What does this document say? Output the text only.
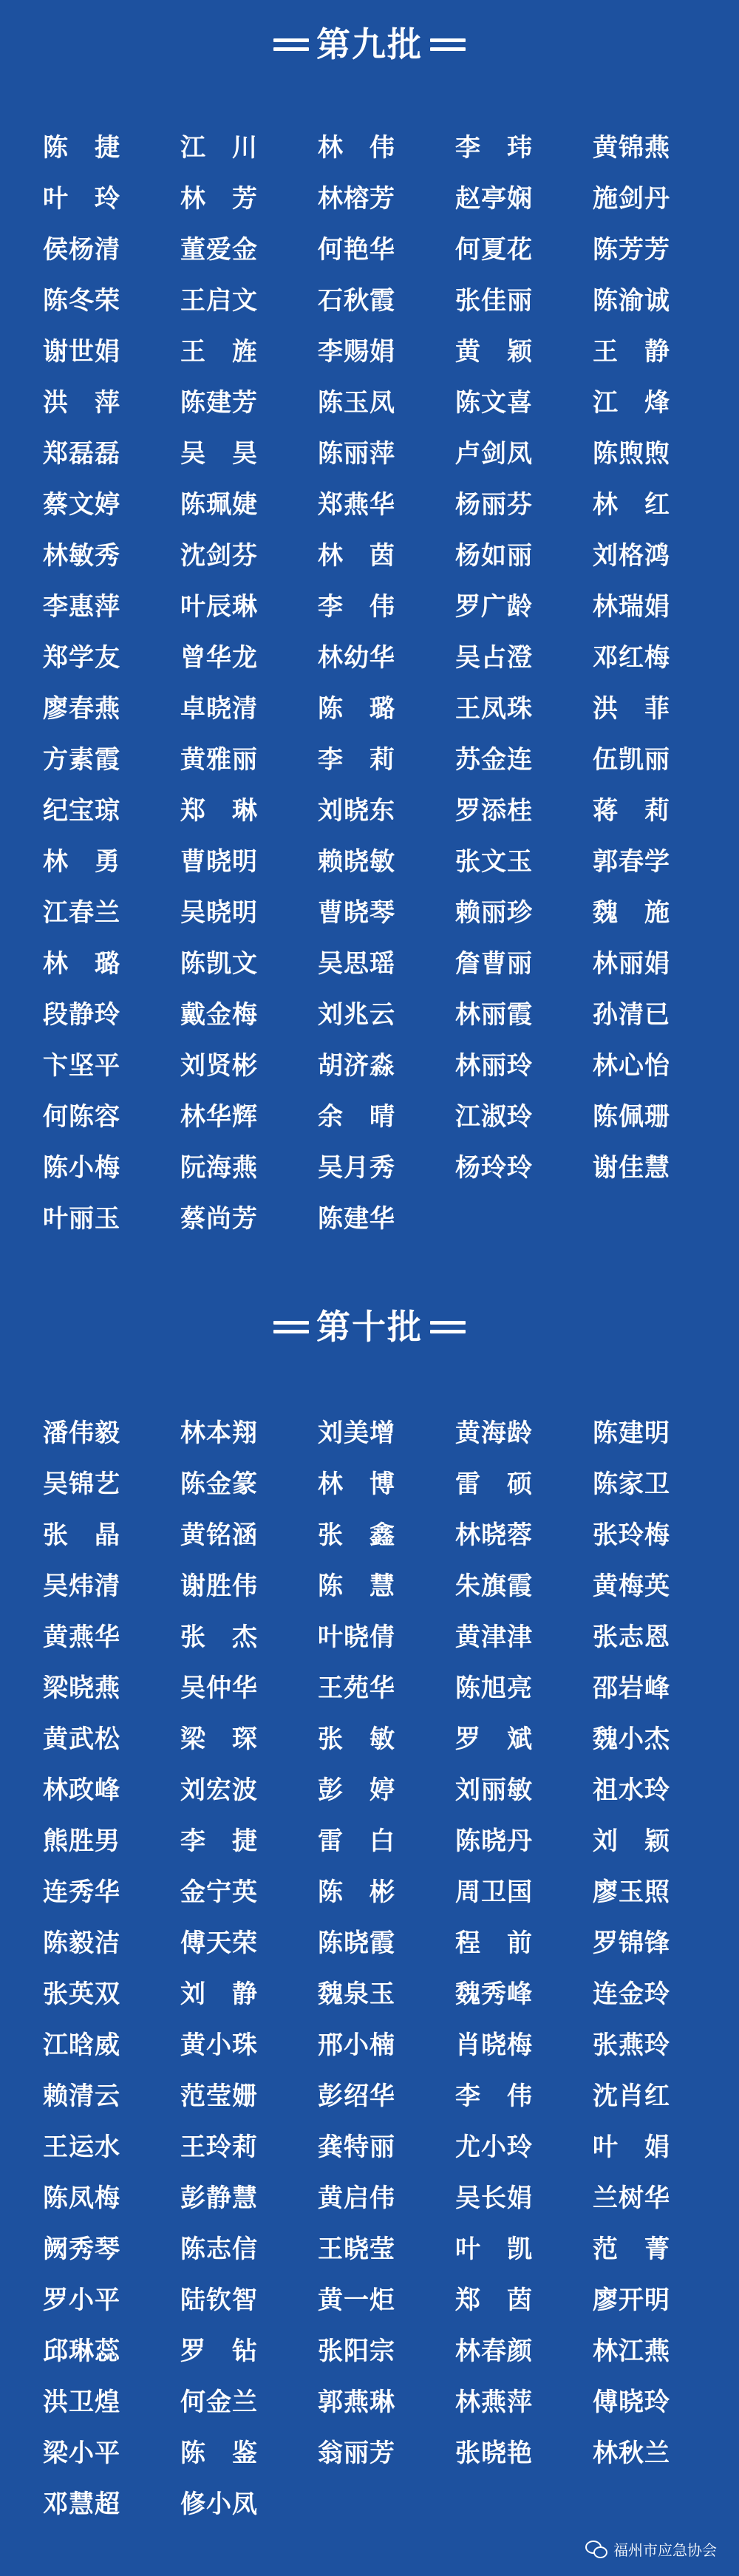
第九批
陈　捷	江　川	林　伟	李　玮	黄锦燕
叶　玲	林　芳	林榕芳	赵亭娴	施剑丹
侯杨清	董爱金	何艳华	何夏花	陈芳芳
陈冬荣	王启文	石秋霞	张佳丽	陈渝诚
谢世娟	王　旌	李赐娟	黄　颖	王　静
洪　萍	陈建芳	陈玉凤	陈文喜	江　烽
郑磊磊	吴　昊	陈丽萍	卢剑凤	陈煦煦
蔡文婷	陈珮婕	郑燕华	杨丽芬	林　红
林敏秀	沈剑芬	林　茵	杨如丽	刘格鸿
李惠萍	叶辰琳	李　伟	罗广龄	林瑞娟
郑学友	曾华龙	林幼华	吴占澄	邓红梅
廖春燕	卓晓清	陈　璐	王凤珠	洪　菲
方素霞	黄雅丽	李　莉	苏金连	伍凯丽
纪宝琼	郑　琳	刘晓东	罗添桂	蒋　莉
林　勇	曹晓明	赖晓敏	张文玉	郭春学
江春兰	吴晓明	曹晓琴	赖丽珍	魏　施
林　璐	陈凯文	吴思瑶	詹曹丽	林丽娟
段静玲	戴金梅	刘兆云	林丽霞	孙清已
卞坚平	刘贤彬	胡济淼	林丽玲	林心怡
何陈容	林华辉	余　晴	江淑玲	陈佩珊
陈小梅	阮海燕	吴月秀	杨玲玲	谢佳慧
叶丽玉	蔡尚芳	陈建华
第十批
潘伟毅	林本翔	刘美增	黄海龄	陈建明
吴锦艺	陈金篆	林　博	雷　硕	陈家卫
张　晶	黄铭涵	张　鑫	林晓蓉	张玲梅
吴炜清	谢胜伟	陈　慧	朱旗霞	黄梅英
黄燕华	张　杰	叶晓倩	黄津津	张志恩
梁晓燕	吴仲华	王苑华	陈旭亮	邵岩峰
黄武松	梁　琛	张　敏	罗　斌	魏小杰
林政峰	刘宏波	彭　婷	刘丽敏	祖水玲
熊胜男	李　捷	雷　白	陈晓丹	刘　颖
连秀华	金宁英	陈　彬	周卫国	廖玉照
陈毅洁	傅天荣	陈晓霞	程　前	罗锦锋
张英双	刘　静	魏泉玉	魏秀峰	连金玲
江晗威	黄小珠	邢小楠	肖晓梅	张燕玲
赖清云	范莹姗	彭绍华	李　伟	沈肖红
王运水	王玲莉	龚特丽	尤小玲	叶　娟
陈凤梅	彭静慧	黄启伟	吴长娟	兰树华
阙秀琴	陈志信	王晓莹	叶　凯	范　菁
罗小平	陆钦智	黄一炬	郑　茵	廖开明
邱琳蕊	罗　钻	张阳宗	林春颜	林江燕
洪卫煌	何金兰	郭燕琳	林燕萍	傅晓玲
梁小平	陈　鉴	翁丽芳	张晓艳	林秋兰
邓慧超	修小凤
福州市应急协会
